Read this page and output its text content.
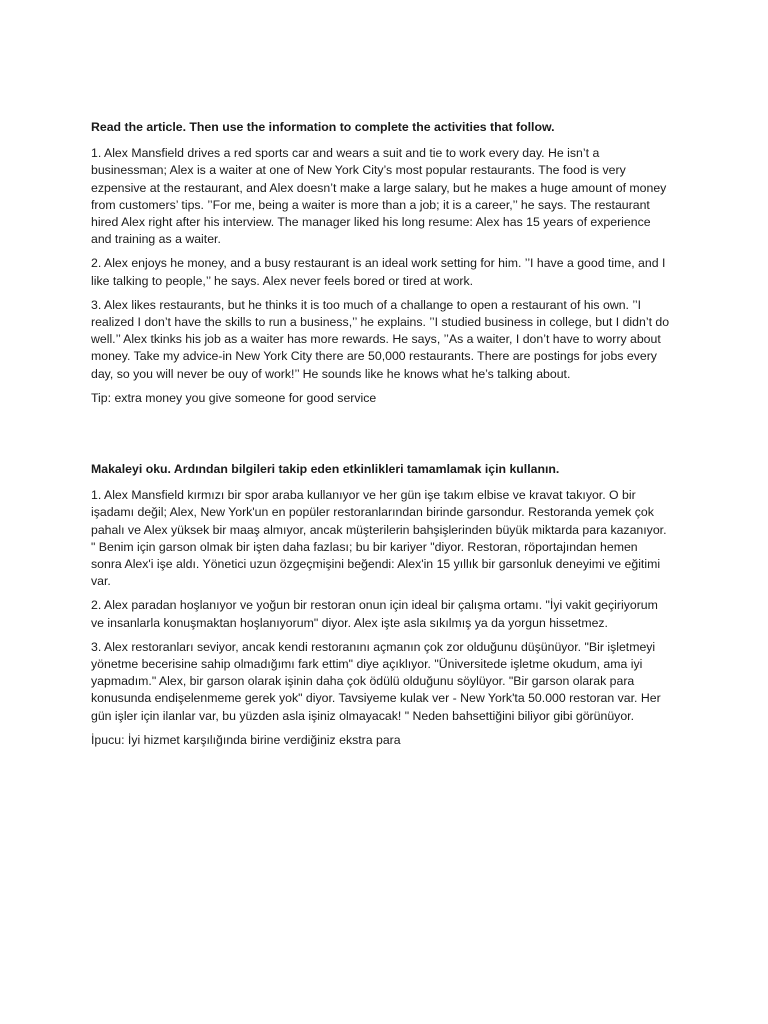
Read the article. Then use the information to complete the activities that follow.

1. Alex Mansfield drives a red sports car and wears a suit and tie to work every day. He isn’t a businessman; Alex is a waiter at one of New York City’s most popular restaurants. The food is very ezpensive at the restaurant, and Alex doesn’t make a large salary, but he makes a huge amount of money from customers’ tips. ’’For me, being a waiter is more than a job; it is a career,’’ he says. The restaurant hired Alex right after his interview. The manager liked his long resume: Alex has 15 years of experience and training as a waiter.

2. Alex enjoys he money, and a busy restaurant is an ideal work setting for him. ’’I have a good time, and I like talking to people,’’ he says. Alex never feels bored or tired at work.

3. Alex likes restaurants, but he thinks it is too much of a challange to open a restaurant of his own. ’’I realized I don’t have the skills to run a business,’’ he explains. ’’I studied business in college, but I didn’t do well.’’ Alex tkinks his job as a waiter has more rewards. He says, ’’As a waiter, I don’t have to worry about money. Take my advice-in New York City there are 50,000 restaurants. There are postings for jobs every day, so you will never be ouy of work!’’ He sounds like he knows what he’s talking about.

Tip: extra money you give someone for good service

Makaleyi oku. Ardından bilgileri takip eden etkinlikleri tamamlamak için kullanın.

1. Alex Mansfield kırmızı bir spor araba kullanıyor ve her gün işe takım elbise ve kravat takıyor. O bir işadamı değil; Alex, New York'un en popüler restoranlarından birinde garsondur. Restoranda yemek çok pahalı ve Alex yüksek bir maaş almıyor, ancak müşterilerin bahşişlerinden büyük miktarda para kazanıyor. " Benim için garson olmak bir işten daha fazlası; bu bir kariyer "diyor. Restoran, röportajından hemen sonra Alex'i işe aldı. Yönetici uzun özgeçmişini beğendi: Alex'in 15 yıllık bir garsonluk deneyimi ve eğitimi var.

2. Alex paradan hoşlanıyor ve yoğun bir restoran onun için ideal bir çalışma ortamı. "İyi vakit geçiriyorum ve insanlarla konuşmaktan hoşlanıyorum" diyor. Alex işte asla sıkılmış ya da yorgun hissetmez.

3. Alex restoranları seviyor, ancak kendi restoranını açmanın çok zor olduğunu düşünüyor. "Bir işletmeyi yönetme becerisine sahip olmadığımı fark ettim" diye açıklıyor. "Üniversitede işletme okudum, ama iyi yapmadım." Alex, bir garson olarak işinin daha çok ödülü olduğunu söylüyor. "Bir garson olarak para konusunda endişelenmeme gerek yok" diyor. Tavsiyeme kulak ver - New York'ta 50.000 restoran var. Her gün işler için ilanlar var, bu yüzden asla işiniz olmayacak! " Neden bahsettiğini biliyor gibi görünüyor.

İpucu: İyi hizmet karşılığında birine verdiğiniz ekstra para
